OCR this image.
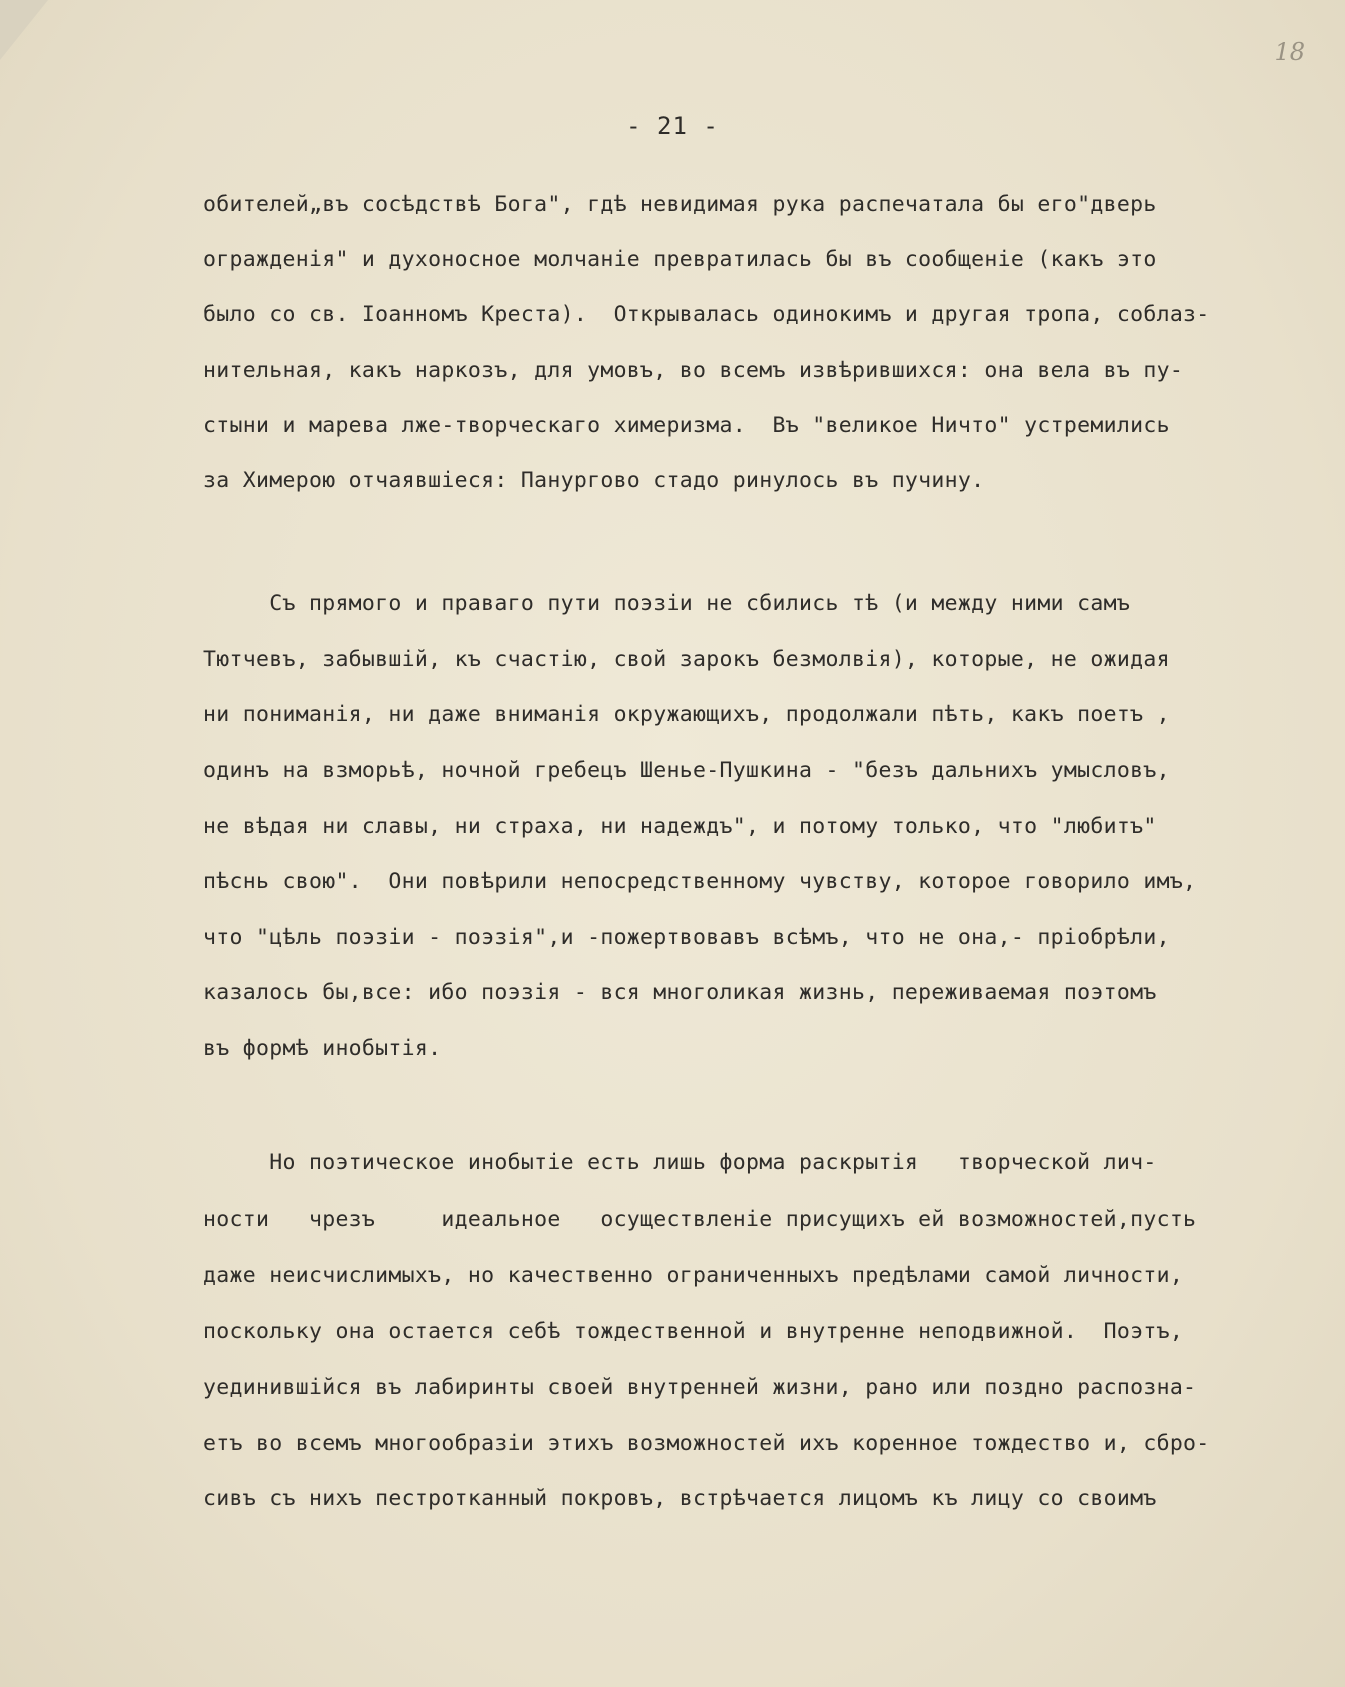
18
- 21 -
обителей„въ сосѣдствѣ Бога", гдѣ невидимая рука распечатала бы его"дверь
огражденія" и духоносное молчаніе превратилась бы въ сообщеніе (какъ это
было со св. Іоанномъ Креста).  Открывалась одинокимъ и другая тропа, соблаз-
нительная, какъ наркозъ, для умовъ, во всемъ извѣрившихся: она вела въ пу-
стыни и марева лже-творческаго химеризма.  Въ "великое Ничто" устремились
за Химерою отчаявшіеся: Панургово стадо ринулось въ пучину.
Съ прямого и праваго пути поэзіи не сбились тѣ (и между ними самъ
Тютчевъ, забывшій, къ счастію, свой зарокъ безмолвія), которые, не ожидая
ни пониманія, ни даже вниманія окружающихъ, продолжали пѣть, какъ поетъ ,
одинъ на взморьѣ, ночной гребецъ Шенье-Пушкина - "безъ дальнихъ умысловъ,
не вѣдая ни славы, ни страха, ни надеждъ", и потому только, что "любитъ"
пѣснь свою".  Они повѣрили непосредственному чувству, которое говорило имъ,
что "цѣль поэзіи - поэзія",и -пожертвовавъ всѣмъ, что не она,- пріобрѣли,
казалось бы,все: ибо поэзія - вся многоликая жизнь, переживаемая поэтомъ
въ формѣ инобытія.
Но поэтическое инобытіе есть лишь форма раскрытія   творческой лич-
ности   чрезъ     идеальное   осуществленіе присущихъ ей возможностей,пусть
даже неисчислимыхъ, но качественно ограниченныхъ предѣлами самой личности,
поскольку она остается себѣ тождественной и внутренне неподвижной.  Поэтъ,
уединившійся въ лабиринты своей внутренней жизни, рано или поздно распозна-
етъ во всемъ многообразіи этихъ возможностей ихъ коренное тождество и, сбро-
сивъ съ нихъ пестротканный покровъ, встрѣчается лицомъ къ лицу со своимъ
